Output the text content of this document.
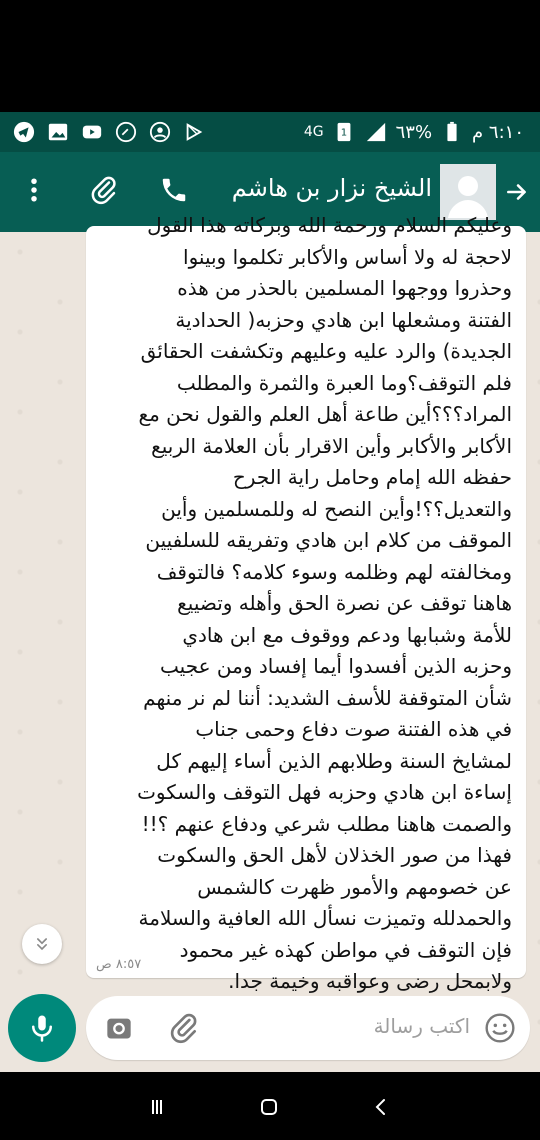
4G 1	%٦٣ ٦:١٠ م
الشيخ نزار بن هاشم
وعليكم السلام ورحمة الله وبركاته هذا القول
لاحجة له ولا أساس والأكابر تكلموا وبينوا
وحذروا ووجهوا المسلمين بالحذر من هذه
الفتنة ومشعلها ابن هادي وحزبه( الحدادية
الجديدة) والرد عليه وعليهم وتكشفت الحقائق
فلم التوقف؟وما العبرة والثمرة والمطلب
المراد؟؟؟أين طاعة أهل العلم والقول نحن مع
الأكابر والأكابر وأين الاقرار بأن العلامة الربيع
حفظه الله إمام وحامل راية الجرح
والتعديل؟؟!وأين النصح له وللمسلمين وأين
الموقف من كلام ابن هادي وتفريقه للسلفيين
ومخالفته لهم وظلمه وسوء كلامه؟ فالتوقف
هاهنا توقف عن نصرة الحق وأهله وتضييع
للأمة وشبابها ودعم ووقوف مع ابن هادي
وحزبه الذين أفسدوا أيما إفساد ومن عجيب
شأن المتوقفة للأسف الشديد: أننا لم نر منهم
في هذه الفتنة صوت دفاع وحمى جناب
لمشايخ السنة وطلابهم الذين أساء إليهم كل
إساءة ابن هادي وحزبه فهل التوقف والسكوت
والصمت هاهنا مطلب شرعي ودفاع عنهم ؟!!
فهذا من صور الخذلان لأهل الحق والسكوت
عن خصومهم والأمور ظهرت كالشمس
والحمدلله وتميزت نسأل الله العافية والسلامة
فإن التوقف في مواطن كهذه غير محمود
ولابمحل رضى وعواقبه وخيمة جدا.
٨:٥٧ ص
اكتب رسالة
